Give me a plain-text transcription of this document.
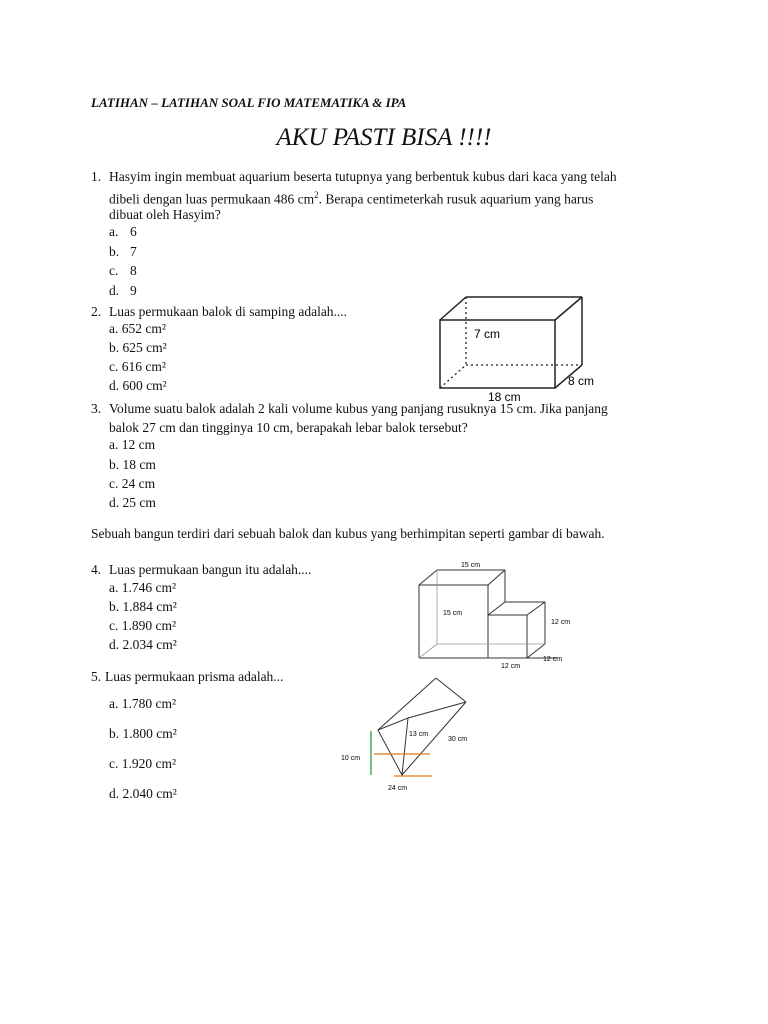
LATIHAN – LATIHAN SOAL FIO MATEMATIKA & IPA
AKU PASTI BISA !!!!
1. Hasyim ingin membuat aquarium beserta tutupnya yang berbentuk kubus dari kaca yang telah
dibeli dengan luas permukaan 486 $cm^2$. Berapa centimeterkah rusuk aquarium yang harus
dibuat oleh Hasyim?
a. 6
b. 7
c. 8
d. 9
2. Luas permukaan balok di samping adalah....
a. 652 cm²
b. 625 cm²
c. 616 cm²
d. 600 cm²
7 cm
8 cm
18 cm
3. Volume suatu balok adalah 2 kali volume kubus yang panjang rusuknya 15 cm. Jika panjang
balok 27 cm dan tingginya 10 cm, berapakah lebar balok tersebut?
a. 12 cm
b. 18 cm
c. 24 cm
d. 25 cm
Sebuah bangun terdiri dari sebuah balok dan kubus yang berhimpitan seperti gambar di bawah.
4. Luas permukaan bangun itu adalah....
a. 1.746 cm²
b. 1.884 cm²
c. 1.890 cm²
d. 2.034 cm²
15 cm
15 cm
12 cm
12 cm
12 cm
5. Luas permukaan prisma adalah...
a. 1.780 cm²
b. 1.800 cm²
c. 1.920 cm²
d. 2.040 cm²
13 cm
30 cm
10 cm
24 cm
